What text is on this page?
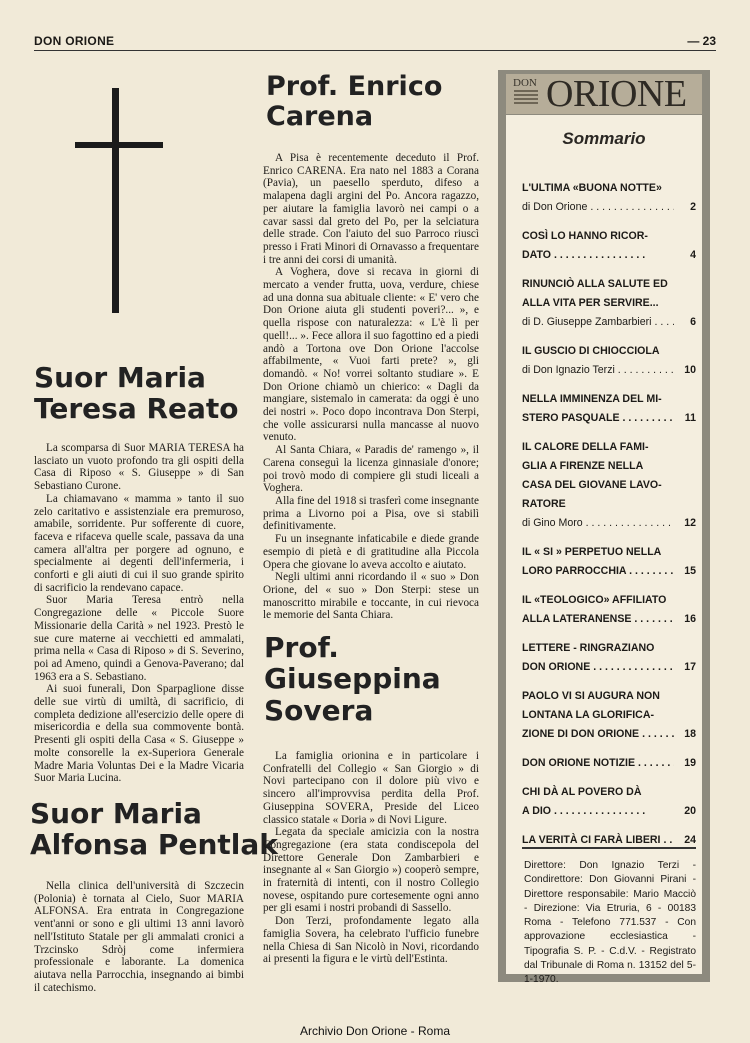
DON ORIONE	— 23
Suor Maria
Teresa Reato

La scomparsa di Suor MARIA TERESA ha lasciato un vuoto profondo tra gli ospiti della Casa di Riposo « S. Giuseppe » di San Sebastiano Curone.

La chiamavano « mamma » tanto il suo zelo caritativo e assistenziale era premuroso, amabile, sorridente. Pur sofferente di cuore, faceva e rifaceva quelle scale, passava da una camera all'altra per porgere ad ognuno, e specialmente ai degenti dell'infermeria, i conforti e gli aiuti di cui il suo grande spirito di sacrificio la rendevano capace.

Suor Maria Teresa entrò nella Congregazione delle « Piccole Suore Missionarie della Carità » nel 1923. Prestò le sue cure materne ai vecchietti ed ammalati, prima nella « Casa di Riposo » di S. Severino, poi ad Ameno, quindi a Genova-Paverano; dal 1963 era a S. Sebastiano.

Ai suoi funerali, Don Sparpaglione disse delle sue virtù di umiltà, di sacrificio, di completa dedizione all'esercizio delle opere di misericordia e della sua commovente bontà. Presenti gli ospiti della Casa « S. Giuseppe » molte consorelle la ex-Superiora Generale Madre Maria Voluntas Dei e la Madre Vicaria Suor Maria Lucina.

Suor Maria
Alfonsa Pentlak

Nella clinica dell'università di Szczecin (Polonia) è tornata al Cielo, Suor MARIA ALFONSA. Era entrata in Congregazione vent'anni or sono e gli ultimi 13 anni lavorò nell'Istituto Statale per gli ammalati cronici a Trzcinsko Sdròj come infermiera professionale e laborante. La domenica aiutava nella Parrocchia, insegnando ai bimbi il catechismo.

Prof. Enrico
Carena

A Pisa è recentemente deceduto il Prof. Enrico CARENA. Era nato nel 1883 a Corana (Pavia), un paesello sperduto, difeso a malapena dagli argini del Po. Ancora ragazzo, per aiutare la famiglia lavorò nei campi o a cavar sassi dal greto del Po, per la selciatura delle strade. Con l'aiuto del suo Parroco riuscì presso i Frati Minori di Ornavasso a frequentare i tre anni dei corsi di umanità.

A Voghera, dove si recava in giorni di mercato a vender frutta, uova, verdure, chiese ad una donna sua abituale cliente: « E' vero che Don Orione aiuta gli studenti poveri?... », e quella rispose con naturalezza: « L'è lì per quell!... ». Fece allora il suo fagottino ed a piedi andò a Tortona ove Don Orione l'accolse affabilmente, « Vuoi farti prete? », gli domandò. « No! vorrei soltanto studiare ». E Don Orione chiamò un chierico: « Dagli da mangiare, sistemalo in camerata: da oggi è uno dei nostri ». Poco dopo incontrava Don Sterpi, che volle assicurarsi nulla mancasse al nuovo venuto.

Al Santa Chiara, « Paradis de' ramengo », il Carena conseguì la licenza ginnasiale d'onore; poi trovò modo di compiere gli studi liceali a Voghera.

Alla fine del 1918 si trasferì come insegnante prima a Livorno poi a Pisa, ove si stabilì definitivamente.

Fu un insegnante infaticabile e diede grande esempio di pietà e di gratitudine alla Piccola Opera che giovane lo aveva accolto e aiutato.

Negli ultimi anni ricordando il « suo » Don Orione, del « suo » Don Sterpi: stese un manoscritto mirabile e toccante, in cui rievoca le memorie del Santa Chiara.

Prof.
Giuseppina
Sovera

La famiglia orionina e in particolare i Confratelli del Collegio « San Giorgio » di Novi partecipano con il dolore più vivo e sincero all'improvvisa perdita della Prof. Giuseppina SOVERA, Preside del Liceo classico statale « Doria » di Novi Ligure.

Legata da speciale amicizia con la nostra Congregazione (era stata condiscepola del Direttore Generale Don Zambarbieri e insegnante al « San Giorgio ») cooperò sempre, in fraternità di intenti, con il nostro Collegio novese, ospitando pure cortesemente ogni anno per gli esami i nostri probandi di Sassello.

Don Terzi, profondamente legato alla famiglia Sovera, ha celebrato l'ufficio funebre nella Chiesa di San Nicolò in Novi, ricordando ai presenti la figura e le virtù dell'Estinta.

DON ORIONE
Sommario
L'ULTIMA «BUONA NOTTE»
di Don Orione . . .	2
COSÌ LO HANNO RICOR-
DATO . . .	4
RINUNCIÒ ALLA SALUTE ED
ALLA VITA PER SERVIRE...
di D. Giuseppe Zambarbieri . . .	6
IL GUSCIO DI CHIOCCIOLA
di Don Ignazio Terzi . . .	10
NELLA IMMINENZA DEL MI-
STERO PASQUALE . . .	11
IL CALORE DELLA FAMI-
GLIA A FIRENZE NELLA
CASA DEL GIOVANE LAVO-
RATORE
di Gino Moro . . .	12
IL « SI » PERPETUO NELLA
LORO PARROCCHIA . . .	15
IL «TEOLOGICO» AFFILIATO
ALLA LATERANENSE . . .	16
LETTERE - RINGRAZIANO
DON ORIONE . . .	17
PAOLO VI SI AUGURA NON
LONTANA LA GLORIFICA-
ZIONE DI DON ORIONE . . .	18
DON ORIONE NOTIZIE . . .	19
CHI DÀ AL POVERO DÀ
A DIO . . .	20
LA VERITÀ CI FARÀ LIBERI . . .	24
Direttore: Don Ignazio Terzi - Condirettore: Don Giovanni Pirani - Direttore responsabile: Mario Macciò - Direzione: Via Etruria, 6 - 00183 Roma - Telefono 771.537 - Con approvazione ecclesiastica - Tipografia S. P. - C.d.V. - Registrato dal Tribunale di Roma n. 13152 del 5-1-1970.
Archivio Don Orione - Roma
